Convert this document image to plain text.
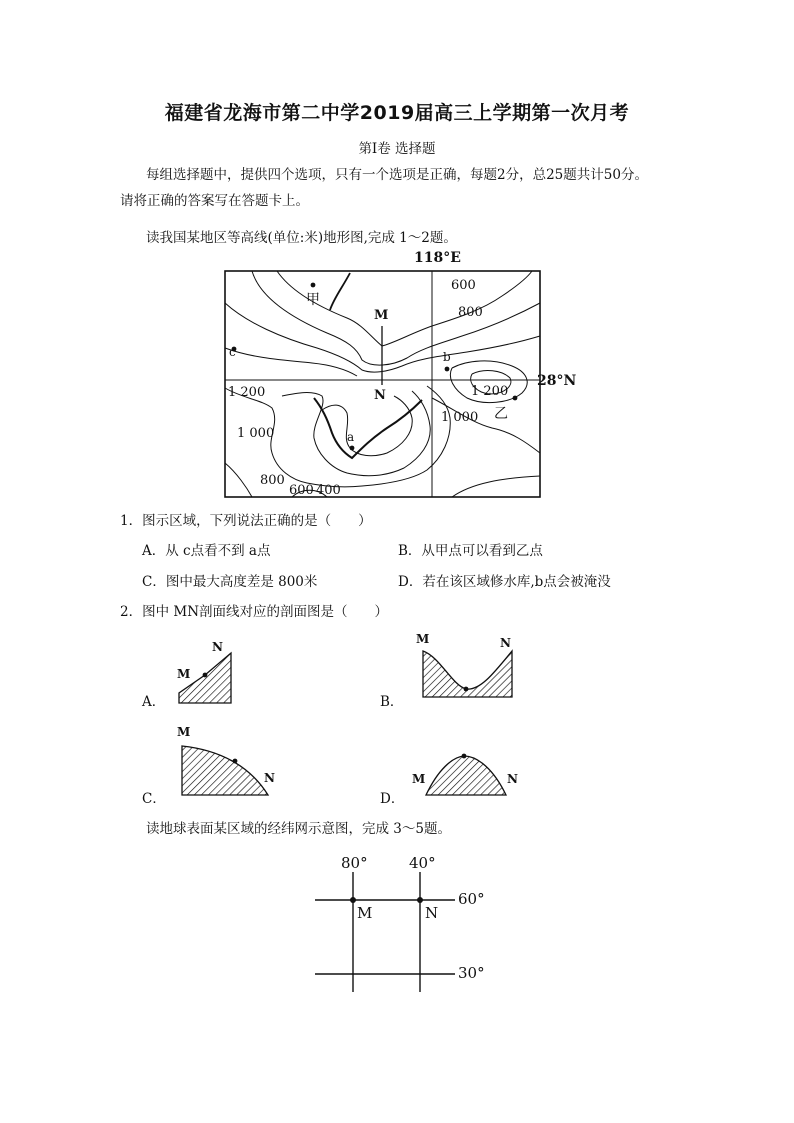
福建省龙海市第二中学2019届高三上学期第一次月考
第Ⅰ卷 选择题
每组选择题中，提供四个选项，只有一个选项是正确，每题2分，总25题共计50分。
请将正确的答案写在答题卡上。
读我国某地区等高线(单位:米)地形图,完成 1～2题。
118°E
28°N
甲
乙
a
b
c
M
N
600
800
1 200
1 000
1 200
1 000
800
600 400
1．图示区域，下列说法正确的是（　　）
A．从 c点看不到 a点	B．从甲点可以看到乙点
C．图中最大高度差是 800米	D．若在该区域修水库,b点会被淹没
2．图中 MN剖面线对应的剖面图是（　　）
A．
M
N
B．
M	N
C．
M
N
D．
M	N
读地球表面某区域的经纬网示意图，完成 3～5题。
80°	40°
60°
30°
M	N
